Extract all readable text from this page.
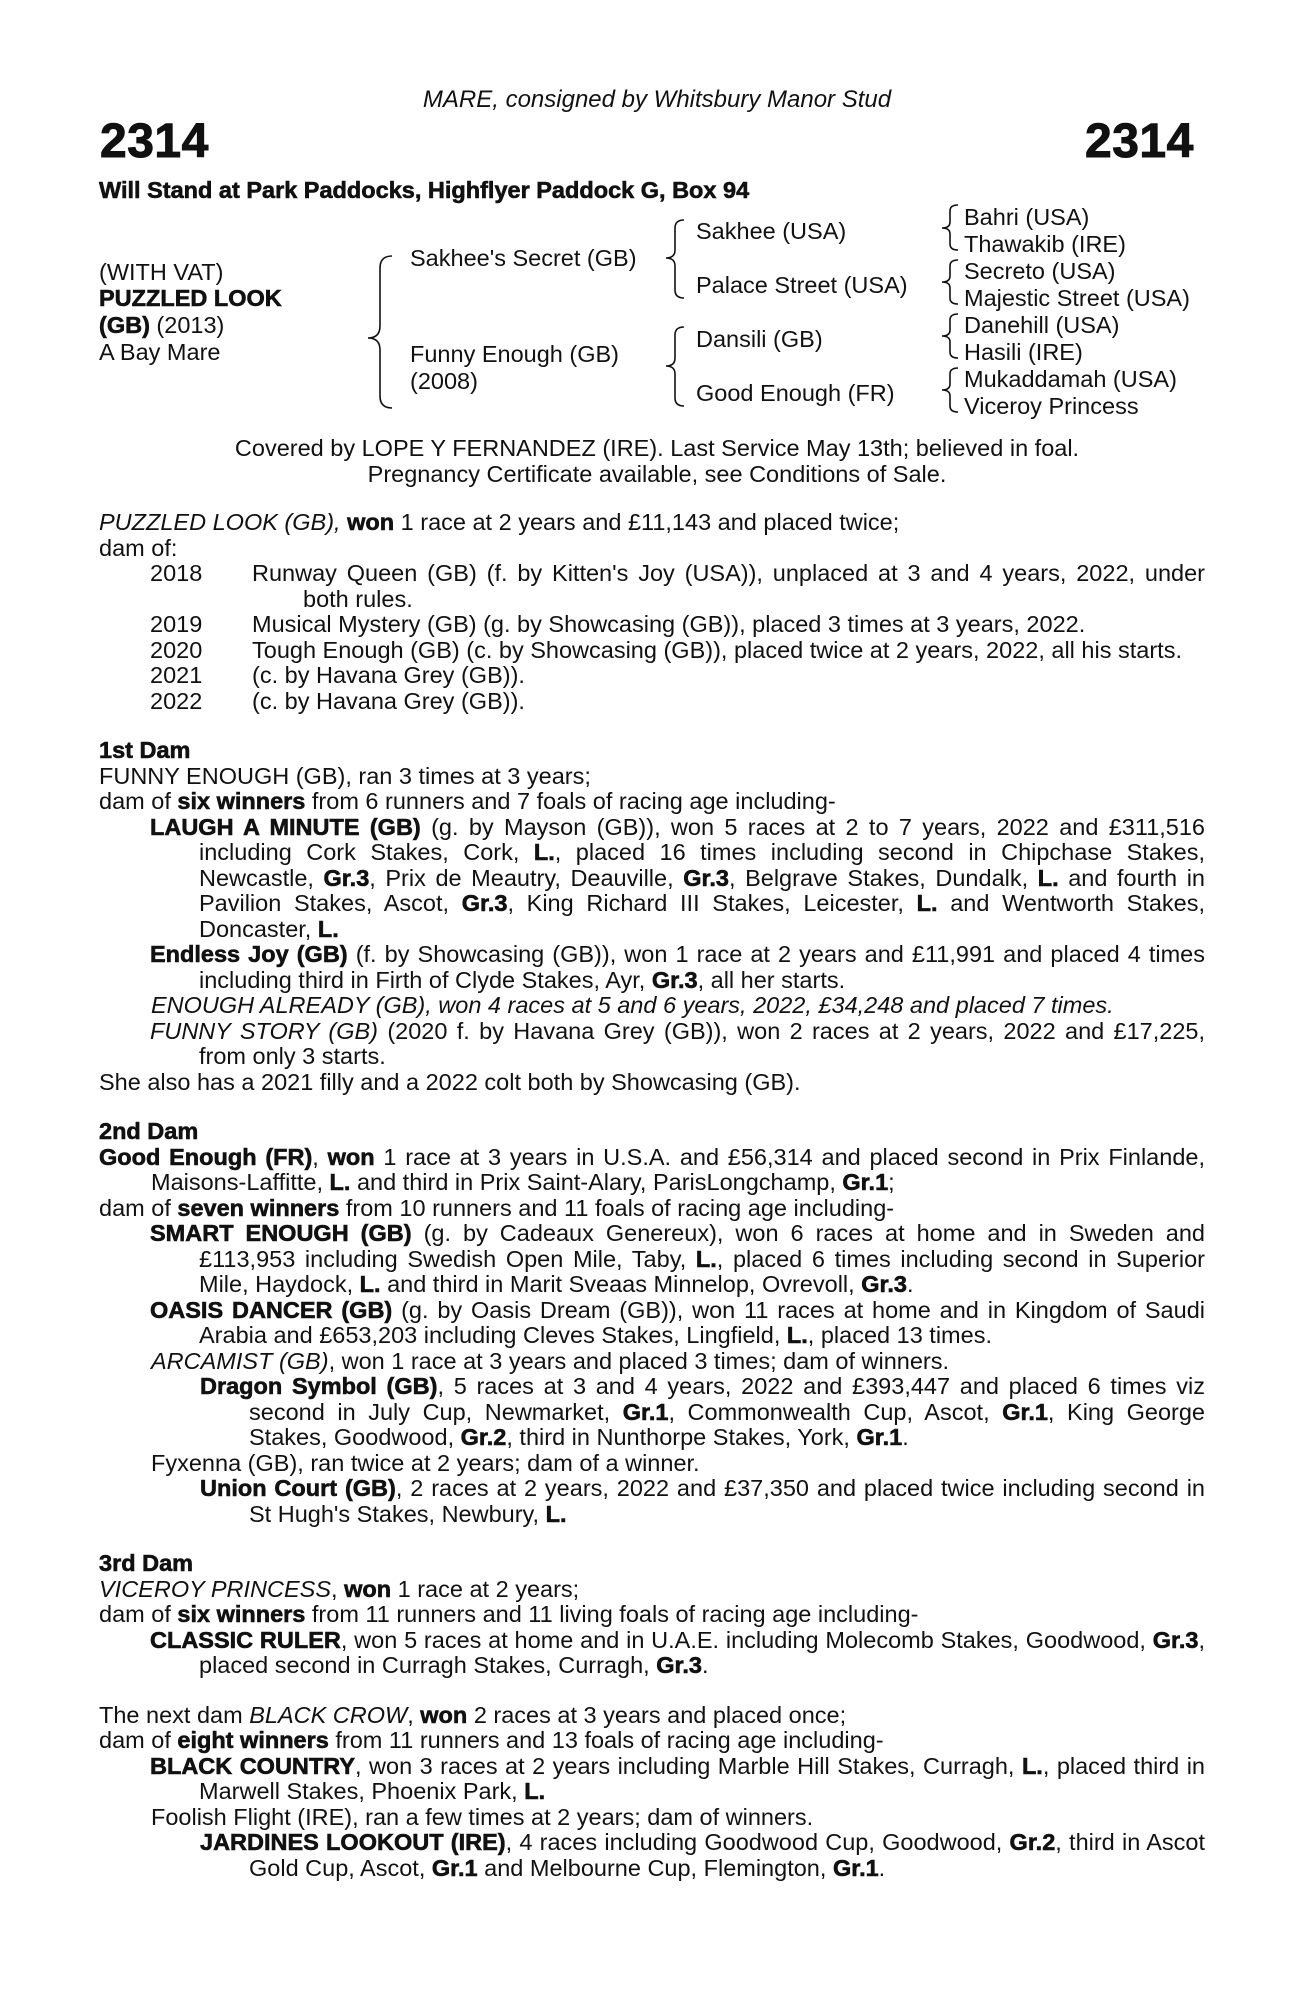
MARE, consigned by Whitsbury Manor Stud
2314	2314
Will Stand at Park Paddocks, Highflyer Paddock G, Box 94
(WITH VAT)
PUZZLED LOOK
(GB) (2013)
A Bay Mare
Sakhee's Secret (GB)
Funny Enough (GB)
(2008)
Sakhee (USA)
Palace Street (USA)
Dansili (GB)
Good Enough (FR)
Bahri (USA)
Thawakib (IRE)
Secreto (USA)
Majestic Street (USA)
Danehill (USA)
Hasili (IRE)
Mukaddamah (USA)
Viceroy Princess
Covered by LOPE Y FERNANDEZ (IRE). Last Service May 13th; believed in foal.
Pregnancy Certificate available, see Conditions of Sale.
PUZZLED LOOK (GB), won 1 race at 2 years and £11,143 and placed twice;
dam of:
2018	Runway Queen (GB) (f. by Kitten's Joy (USA)), unplaced at 3 and 4 years, 2022, under both rules.
2019	Musical Mystery (GB) (g. by Showcasing (GB)), placed 3 times at 3 years, 2022.
2020	Tough Enough (GB) (c. by Showcasing (GB)), placed twice at 2 years, 2022, all his starts.
2021	(c. by Havana Grey (GB)).
2022	(c. by Havana Grey (GB)).
1st Dam
FUNNY ENOUGH (GB), ran 3 times at 3 years;
dam of six winners from 6 runners and 7 foals of racing age including-
LAUGH A MINUTE (GB) (g. by Mayson (GB)), won 5 races at 2 to 7 years, 2022 and £311,516 including Cork Stakes, Cork, L., placed 16 times including second in Chipchase Stakes, Newcastle, Gr.3, Prix de Meautry, Deauville, Gr.3, Belgrave Stakes, Dundalk, L. and fourth in Pavilion Stakes, Ascot, Gr.3, King Richard III Stakes, Leicester, L. and Wentworth Stakes, Doncaster, L.
Endless Joy (GB) (f. by Showcasing (GB)), won 1 race at 2 years and £11,991 and placed 4 times including third in Firth of Clyde Stakes, Ayr, Gr.3, all her starts.
ENOUGH ALREADY (GB), won 4 races at 5 and 6 years, 2022, £34,248 and placed 7 times.
FUNNY STORY (GB) (2020 f. by Havana Grey (GB)), won 2 races at 2 years, 2022 and £17,225, from only 3 starts.
She also has a 2021 filly and a 2022 colt both by Showcasing (GB).
2nd Dam
Good Enough (FR), won 1 race at 3 years in U.S.A. and £56,314 and placed second in Prix Finlande, Maisons-Laffitte, L. and third in Prix Saint-Alary, ParisLongchamp, Gr.1;
dam of seven winners from 10 runners and 11 foals of racing age including-
SMART ENOUGH (GB) (g. by Cadeaux Genereux), won 6 races at home and in Sweden and £113,953 including Swedish Open Mile, Taby, L., placed 6 times including second in Superior Mile, Haydock, L. and third in Marit Sveaas Minnelop, Ovrevoll, Gr.3.
OASIS DANCER (GB) (g. by Oasis Dream (GB)), won 11 races at home and in Kingdom of Saudi Arabia and £653,203 including Cleves Stakes, Lingfield, L., placed 13 times.
ARCAMIST (GB), won 1 race at 3 years and placed 3 times; dam of winners.
Dragon Symbol (GB), 5 races at 3 and 4 years, 2022 and £393,447 and placed 6 times viz second in July Cup, Newmarket, Gr.1, Commonwealth Cup, Ascot, Gr.1, King George Stakes, Goodwood, Gr.2, third in Nunthorpe Stakes, York, Gr.1.
Fyxenna (GB), ran twice at 2 years; dam of a winner.
Union Court (GB), 2 races at 2 years, 2022 and £37,350 and placed twice including second in St Hugh's Stakes, Newbury, L.
3rd Dam
VICEROY PRINCESS, won 1 race at 2 years;
dam of six winners from 11 runners and 11 living foals of racing age including-
CLASSIC RULER, won 5 races at home and in U.A.E. including Molecomb Stakes, Goodwood, Gr.3, placed second in Curragh Stakes, Curragh, Gr.3.
The next dam BLACK CROW, won 2 races at 3 years and placed once;
dam of eight winners from 11 runners and 13 foals of racing age including-
BLACK COUNTRY, won 3 races at 2 years including Marble Hill Stakes, Curragh, L., placed third in Marwell Stakes, Phoenix Park, L.
Foolish Flight (IRE), ran a few times at 2 years; dam of winners.
JARDINES LOOKOUT (IRE), 4 races including Goodwood Cup, Goodwood, Gr.2, third in Ascot Gold Cup, Ascot, Gr.1 and Melbourne Cup, Flemington, Gr.1.
